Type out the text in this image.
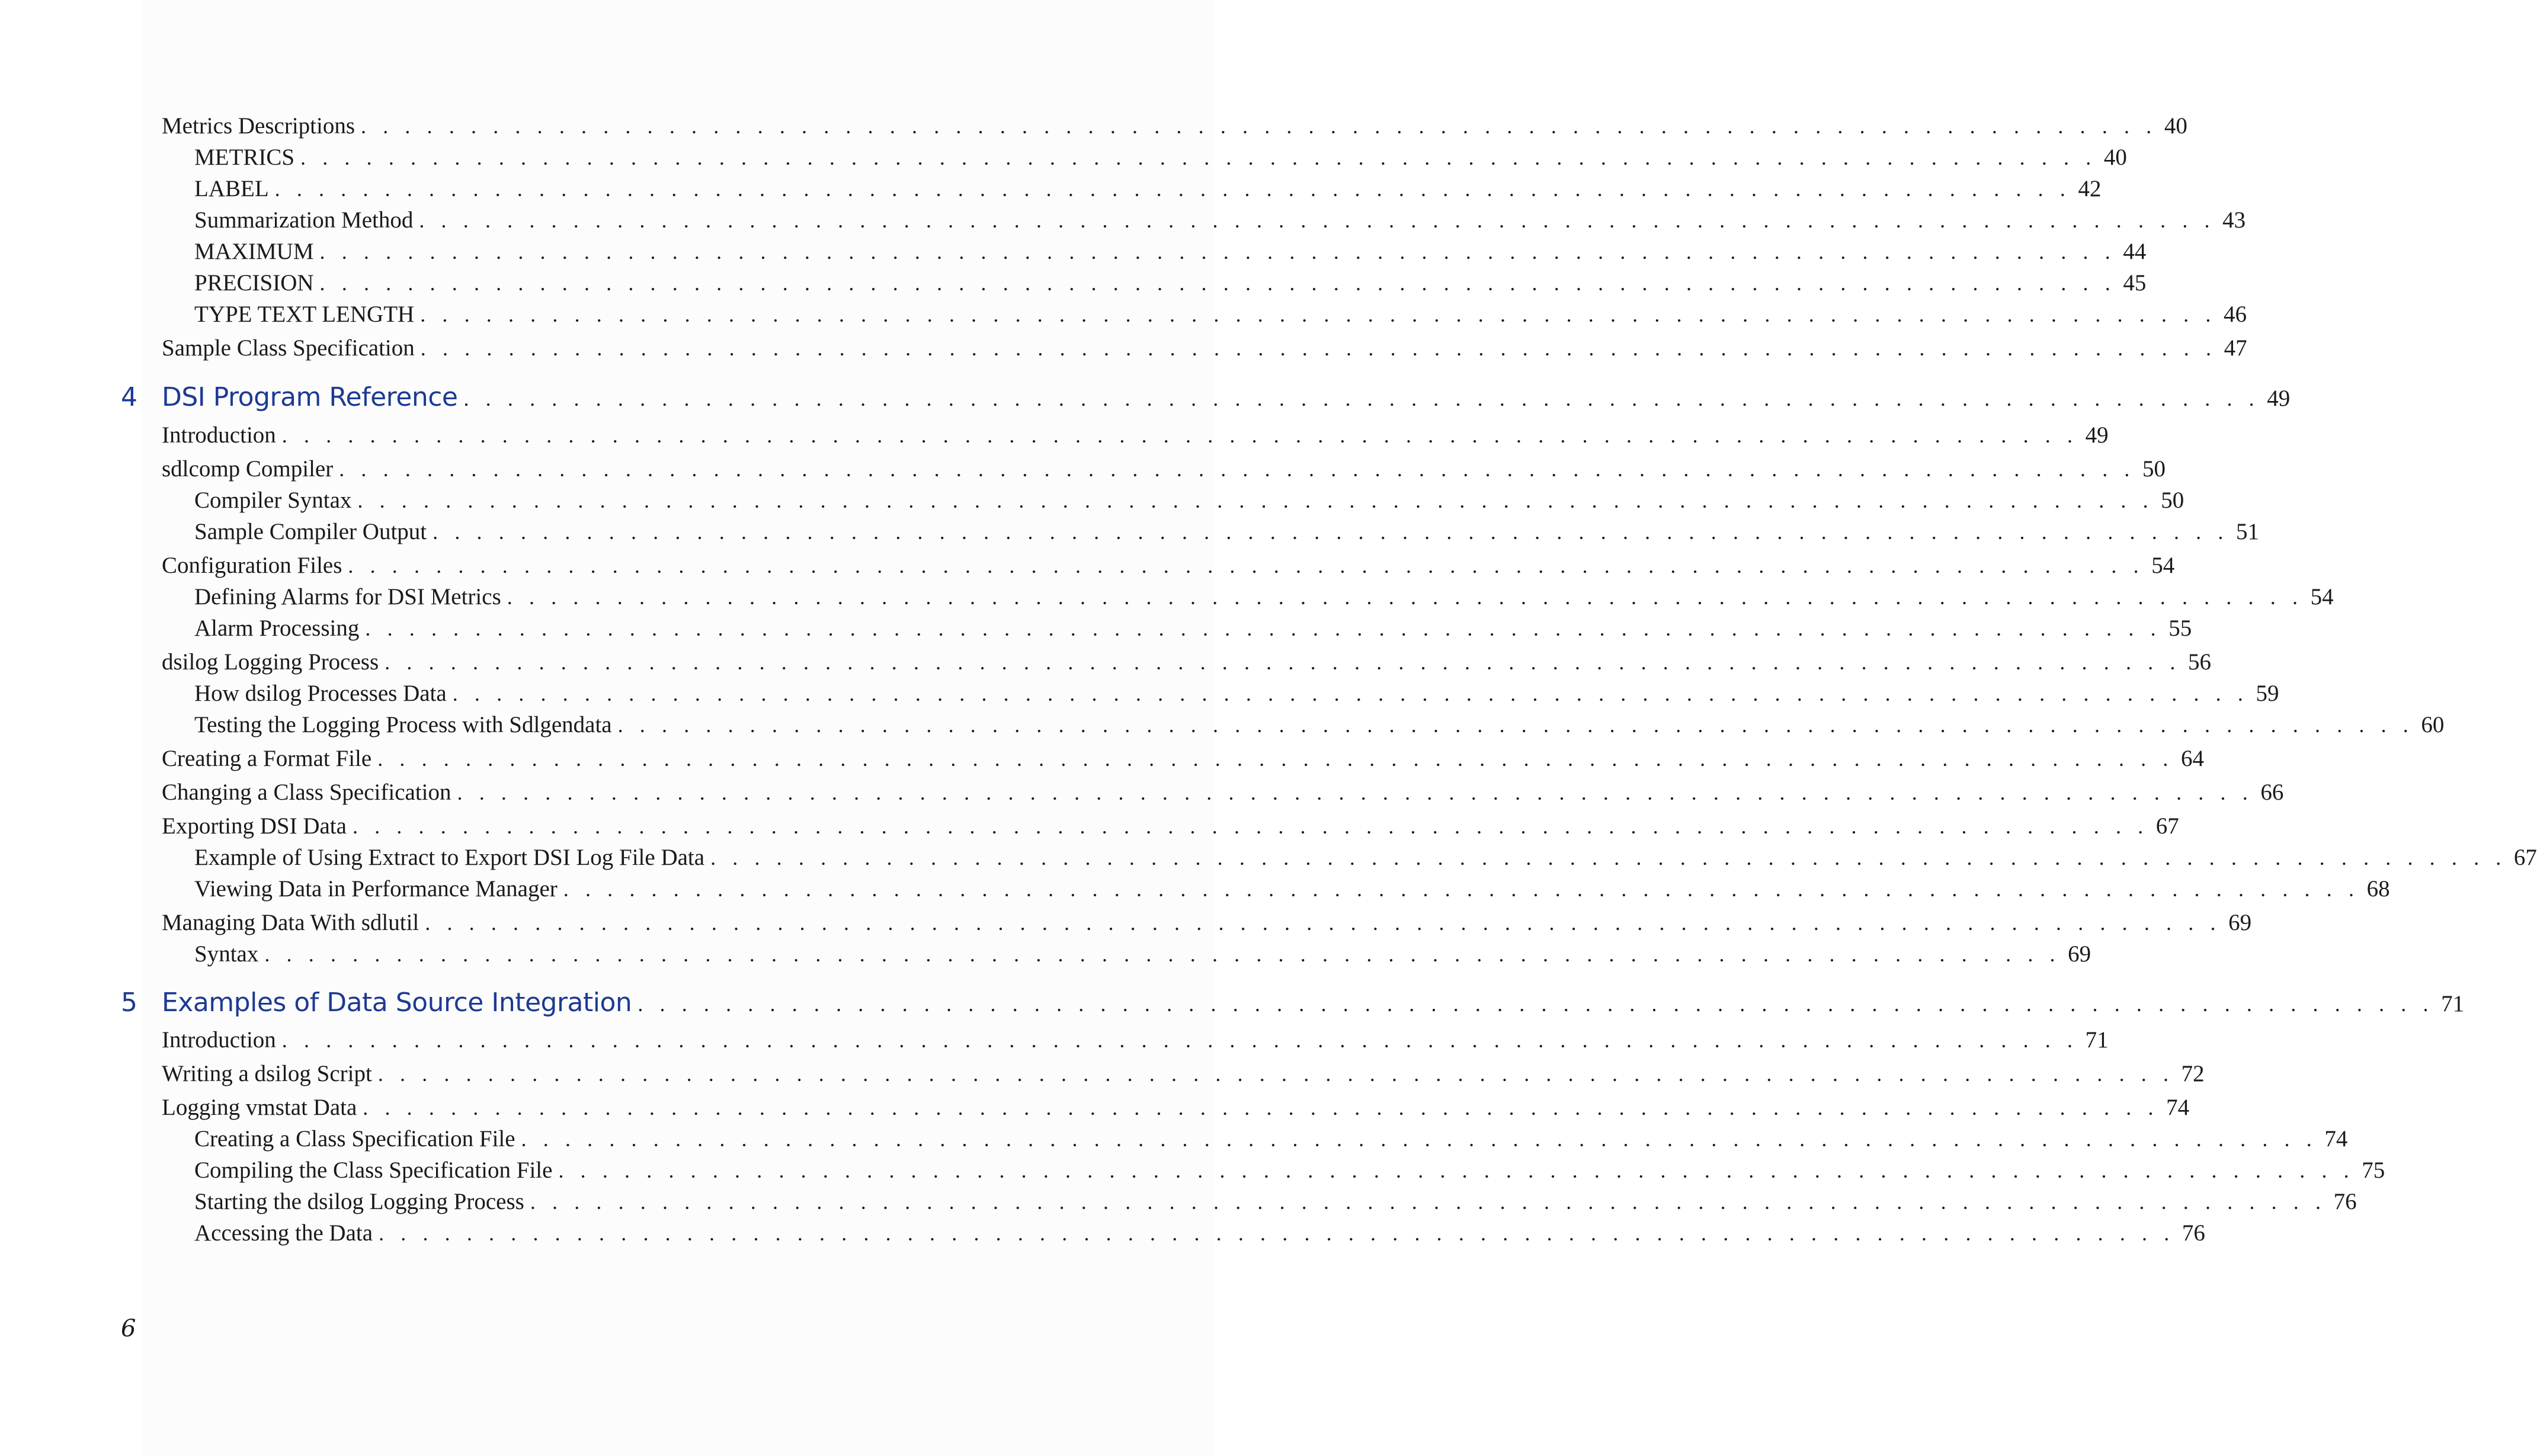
Metrics Descriptions . . . . . . . . . . . . . . . . . . . . . . . . . . . . . . . . . . . . . . . . . . . . . . . . . . . . . . . . . . . . . . . . . . . . . . . . . . . . . . . . . . 40
METRICS . . . . . . . . . . . . . . . . . . . . . . . . . . . . . . . . . . . . . . . . . . . . . . . . . . . . . . . . . . . . . . . . . . . . . . . . . . . . . . . . . . 40
LABEL . . . . . . . . . . . . . . . . . . . . . . . . . . . . . . . . . . . . . . . . . . . . . . . . . . . . . . . . . . . . . . . . . . . . . . . . . . . . . . . . . . 42
Summarization Method . . . . . . . . . . . . . . . . . . . . . . . . . . . . . . . . . . . . . . . . . . . . . . . . . . . . . . . . . . . . . . . . . . . . . . . . . . . . . . . . . . 43
MAXIMUM . . . . . . . . . . . . . . . . . . . . . . . . . . . . . . . . . . . . . . . . . . . . . . . . . . . . . . . . . . . . . . . . . . . . . . . . . . . . . . . . . . 44
PRECISION . . . . . . . . . . . . . . . . . . . . . . . . . . . . . . . . . . . . . . . . . . . . . . . . . . . . . . . . . . . . . . . . . . . . . . . . . . . . . . . . . . 45
TYPE TEXT LENGTH . . . . . . . . . . . . . . . . . . . . . . . . . . . . . . . . . . . . . . . . . . . . . . . . . . . . . . . . . . . . . . . . . . . . . . . . . . . . . . . . . . 46
Sample Class Specification . . . . . . . . . . . . . . . . . . . . . . . . . . . . . . . . . . . . . . . . . . . . . . . . . . . . . . . . . . . . . . . . . . . . . . . . . . . . . . . . . . 47
4 DSI Program Reference . . . . . . . . . . . . . . . . . . . . . . . . . . . . . . . . . . . . . . . . . . . . . . . . . . . . . . . . . . . . . . . . . . . . . . . . . . . . . . . . . . 49
Introduction . . . . . . . . . . . . . . . . . . . . . . . . . . . . . . . . . . . . . . . . . . . . . . . . . . . . . . . . . . . . . . . . . . . . . . . . . . . . . . . . . . 49
sdlcomp Compiler . . . . . . . . . . . . . . . . . . . . . . . . . . . . . . . . . . . . . . . . . . . . . . . . . . . . . . . . . . . . . . . . . . . . . . . . . . . . . . . . . . 50
Compiler Syntax . . . . . . . . . . . . . . . . . . . . . . . . . . . . . . . . . . . . . . . . . . . . . . . . . . . . . . . . . . . . . . . . . . . . . . . . . . . . . . . . . . 50
Sample Compiler Output . . . . . . . . . . . . . . . . . . . . . . . . . . . . . . . . . . . . . . . . . . . . . . . . . . . . . . . . . . . . . . . . . . . . . . . . . . . . . . . . . . 51
Configuration Files . . . . . . . . . . . . . . . . . . . . . . . . . . . . . . . . . . . . . . . . . . . . . . . . . . . . . . . . . . . . . . . . . . . . . . . . . . . . . . . . . . 54
Defining Alarms for DSI Metrics . . . . . . . . . . . . . . . . . . . . . . . . . . . . . . . . . . . . . . . . . . . . . . . . . . . . . . . . . . . . . . . . . . . . . . . . . . . . . . . . . . 54
Alarm Processing . . . . . . . . . . . . . . . . . . . . . . . . . . . . . . . . . . . . . . . . . . . . . . . . . . . . . . . . . . . . . . . . . . . . . . . . . . . . . . . . . . 55
dsilog Logging Process . . . . . . . . . . . . . . . . . . . . . . . . . . . . . . . . . . . . . . . . . . . . . . . . . . . . . . . . . . . . . . . . . . . . . . . . . . . . . . . . . . 56
How dsilog Processes Data . . . . . . . . . . . . . . . . . . . . . . . . . . . . . . . . . . . . . . . . . . . . . . . . . . . . . . . . . . . . . . . . . . . . . . . . . . . . . . . . . . 59
Testing the Logging Process with Sdlgendata . . . . . . . . . . . . . . . . . . . . . . . . . . . . . . . . . . . . . . . . . . . . . . . . . . . . . . . . . . . . . . . . . . . . . . . . . . . . . . . . . . 60
Creating a Format File . . . . . . . . . . . . . . . . . . . . . . . . . . . . . . . . . . . . . . . . . . . . . . . . . . . . . . . . . . . . . . . . . . . . . . . . . . . . . . . . . . 64
Changing a Class Specification . . . . . . . . . . . . . . . . . . . . . . . . . . . . . . . . . . . . . . . . . . . . . . . . . . . . . . . . . . . . . . . . . . . . . . . . . . . . . . . . . . 66
Exporting DSI Data . . . . . . . . . . . . . . . . . . . . . . . . . . . . . . . . . . . . . . . . . . . . . . . . . . . . . . . . . . . . . . . . . . . . . . . . . . . . . . . . . . 67
Example of Using Extract to Export DSI Log File Data . . . . . . . . . . . . . . . . . . . . . . . . . . . . . . . . . . . . . . . . . . . . . . . . . . . . . . . . . . . . . . . . . . . . . . . . . . . . . . . . . . 67
Viewing Data in Performance Manager . . . . . . . . . . . . . . . . . . . . . . . . . . . . . . . . . . . . . . . . . . . . . . . . . . . . . . . . . . . . . . . . . . . . . . . . . . . . . . . . . . 68
Managing Data With sdlutil . . . . . . . . . . . . . . . . . . . . . . . . . . . . . . . . . . . . . . . . . . . . . . . . . . . . . . . . . . . . . . . . . . . . . . . . . . . . . . . . . . 69
Syntax . . . . . . . . . . . . . . . . . . . . . . . . . . . . . . . . . . . . . . . . . . . . . . . . . . . . . . . . . . . . . . . . . . . . . . . . . . . . . . . . . . 69
5 Examples of Data Source Integration . . . . . . . . . . . . . . . . . . . . . . . . . . . . . . . . . . . . . . . . . . . . . . . . . . . . . . . . . . . . . . . . . . . . . . . . . . . . . . . . . . 71
Introduction . . . . . . . . . . . . . . . . . . . . . . . . . . . . . . . . . . . . . . . . . . . . . . . . . . . . . . . . . . . . . . . . . . . . . . . . . . . . . . . . . . 71
Writing a dsilog Script . . . . . . . . . . . . . . . . . . . . . . . . . . . . . . . . . . . . . . . . . . . . . . . . . . . . . . . . . . . . . . . . . . . . . . . . . . . . . . . . . . 72
Logging vmstat Data . . . . . . . . . . . . . . . . . . . . . . . . . . . . . . . . . . . . . . . . . . . . . . . . . . . . . . . . . . . . . . . . . . . . . . . . . . . . . . . . . . 74
Creating a Class Specification File . . . . . . . . . . . . . . . . . . . . . . . . . . . . . . . . . . . . . . . . . . . . . . . . . . . . . . . . . . . . . . . . . . . . . . . . . . . . . . . . . . 74
Compiling the Class Specification File . . . . . . . . . . . . . . . . . . . . . . . . . . . . . . . . . . . . . . . . . . . . . . . . . . . . . . . . . . . . . . . . . . . . . . . . . . . . . . . . . . 75
Starting the dsilog Logging Process . . . . . . . . . . . . . . . . . . . . . . . . . . . . . . . . . . . . . . . . . . . . . . . . . . . . . . . . . . . . . . . . . . . . . . . . . . . . . . . . . . 76
Accessing the Data . . . . . . . . . . . . . . . . . . . . . . . . . . . . . . . . . . . . . . . . . . . . . . . . . . . . . . . . . . . . . . . . . . . . . . . . . . . . . . . . . . 76
6
